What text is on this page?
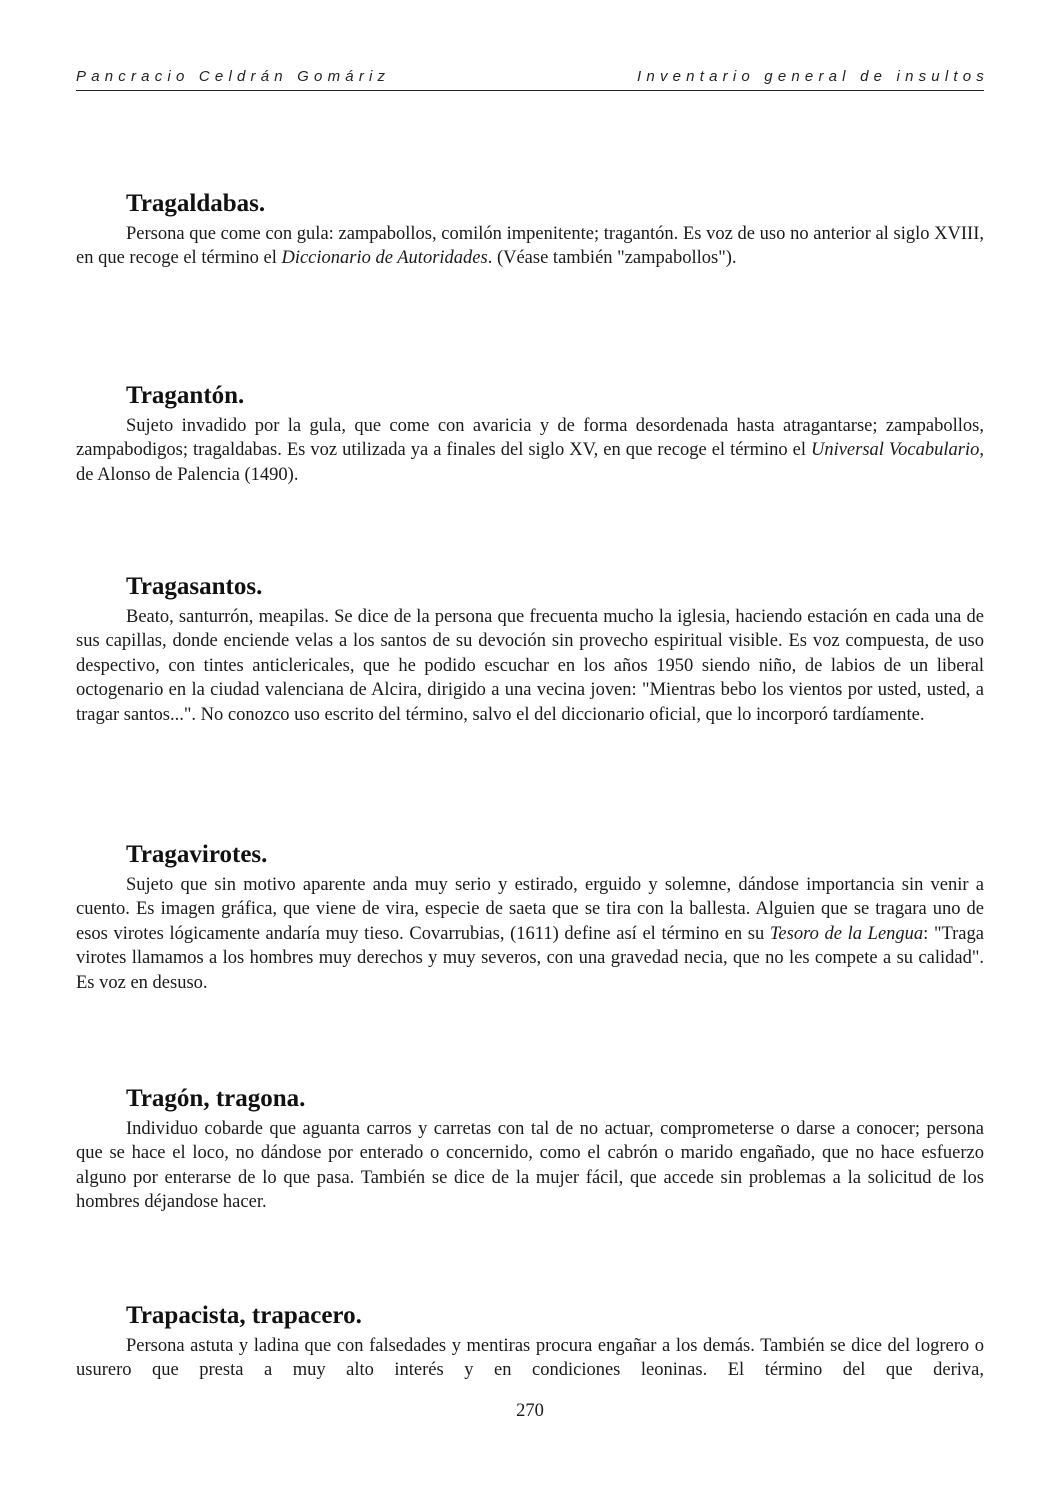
Pancracio Celdrán Gomáriz	Inventario general de insultos
Tragaldabas.

Persona que come con gula: zampabollos, comilón impenitente; tragantón. Es voz de uso no anterior al siglo XVIII, en que recoge el término el Diccionario de Autoridades. (Véase también "zampabollos").

Tragantón.

Sujeto invadido por la gula, que come con avaricia y de forma desordenada hasta atragantarse; zampabollos, zampabodigos; tragaldabas. Es voz utilizada ya a finales del siglo XV, en que recoge el término el Universal Vocabulario, de Alonso de Palencia (1490).

Tragasantos.

Beato, santurrón, meapilas. Se dice de la persona que frecuenta mucho la iglesia, haciendo estación en cada una de sus capillas, donde enciende velas a los santos de su devoción sin provecho espiritual visible. Es voz compuesta, de uso despectivo, con tintes anticlericales, que he podido escuchar en los años 1950 siendo niño, de labios de un liberal octogenario en la ciudad valenciana de Alcira, dirigido a una vecina joven: "Mientras bebo los vientos por usted, usted, a tragar santos...". No conozco uso escrito del término, salvo el del diccionario oficial, que lo incorporó tardíamente.

Tragavirotes.

Sujeto que sin motivo aparente anda muy serio y estirado, erguido y solemne, dándose importancia sin venir a cuento. Es imagen gráfica, que viene de vira, especie de saeta que se tira con la ballesta. Alguien que se tragara uno de esos virotes lógicamente andaría muy tieso. Covarrubias, (1611) define así el término en su Tesoro de la Lengua: "Traga virotes llamamos a los hombres muy derechos y muy severos, con una gravedad necia, que no les compete a su calidad". Es voz en desuso.

Tragón, tragona.

Individuo cobarde que aguanta carros y carretas con tal de no actuar, comprometerse o darse a conocer; persona que se hace el loco, no dándose por enterado o concernido, como el cabrón o marido engañado, que no hace esfuerzo alguno por enterarse de lo que pasa. También se dice de la mujer fácil, que accede sin problemas a la solicitud de los hombres déjandose hacer.

Trapacista, trapacero.

Persona astuta y ladina que con falsedades y mentiras procura engañar a los demás. También se dice del logrero o usurero que presta a muy alto interés y en condiciones leoninas. El término del que deriva,

270
